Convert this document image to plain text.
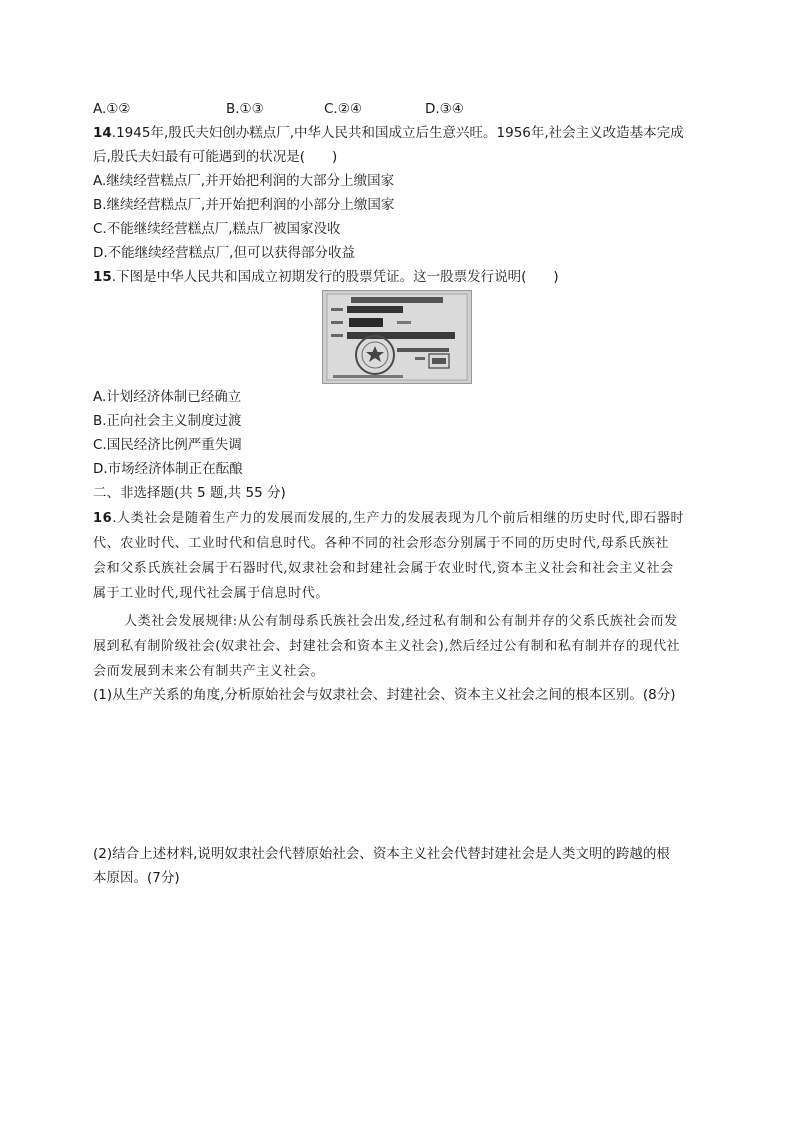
A.①②	B.①③	C.②④	D.③④
14.1945年,殷氏夫妇创办糕点厂,中华人民共和国成立后生意兴旺。1956年,社会主义改造基本完成
后,殷氏夫妇最有可能遇到的状况是(　　)
A.继续经营糕点厂,并开始把利润的大部分上缴国家
B.继续经营糕点厂,并开始把利润的小部分上缴国家
C.不能继续经营糕点厂,糕点厂被国家没收
D.不能继续经营糕点厂,但可以获得部分收益
15.下图是中华人民共和国成立初期发行的股票凭证。这一股票发行说明(　　)
A.计划经济体制已经确立
B.正向社会主义制度过渡
C.国民经济比例严重失调
D.市场经济体制正在酝酿
二、非选择题(共 5 题,共 55 分)
16.人类社会是随着生产力的发展而发展的,生产力的发展表现为几个前后相继的历史时代,即石器时
代、农业时代、工业时代和信息时代。各种不同的社会形态分别属于不同的历史时代,母系氏族社
会和父系氏族社会属于石器时代,奴隶社会和封建社会属于农业时代,资本主义社会和社会主义社会
属于工业时代,现代社会属于信息时代。
人类社会发展规律:从公有制母系氏族社会出发,经过私有制和公有制并存的父系氏族社会而发
展到私有制阶级社会(奴隶社会、封建社会和资本主义社会),然后经过公有制和私有制并存的现代社
会而发展到未来公有制共产主义社会。
(1)从生产关系的角度,分析原始社会与奴隶社会、封建社会、资本主义社会之间的根本区别。(8分)
(2)结合上述材料,说明奴隶社会代替原始社会、资本主义社会代替封建社会是人类文明的跨越的根
本原因。(7分)
